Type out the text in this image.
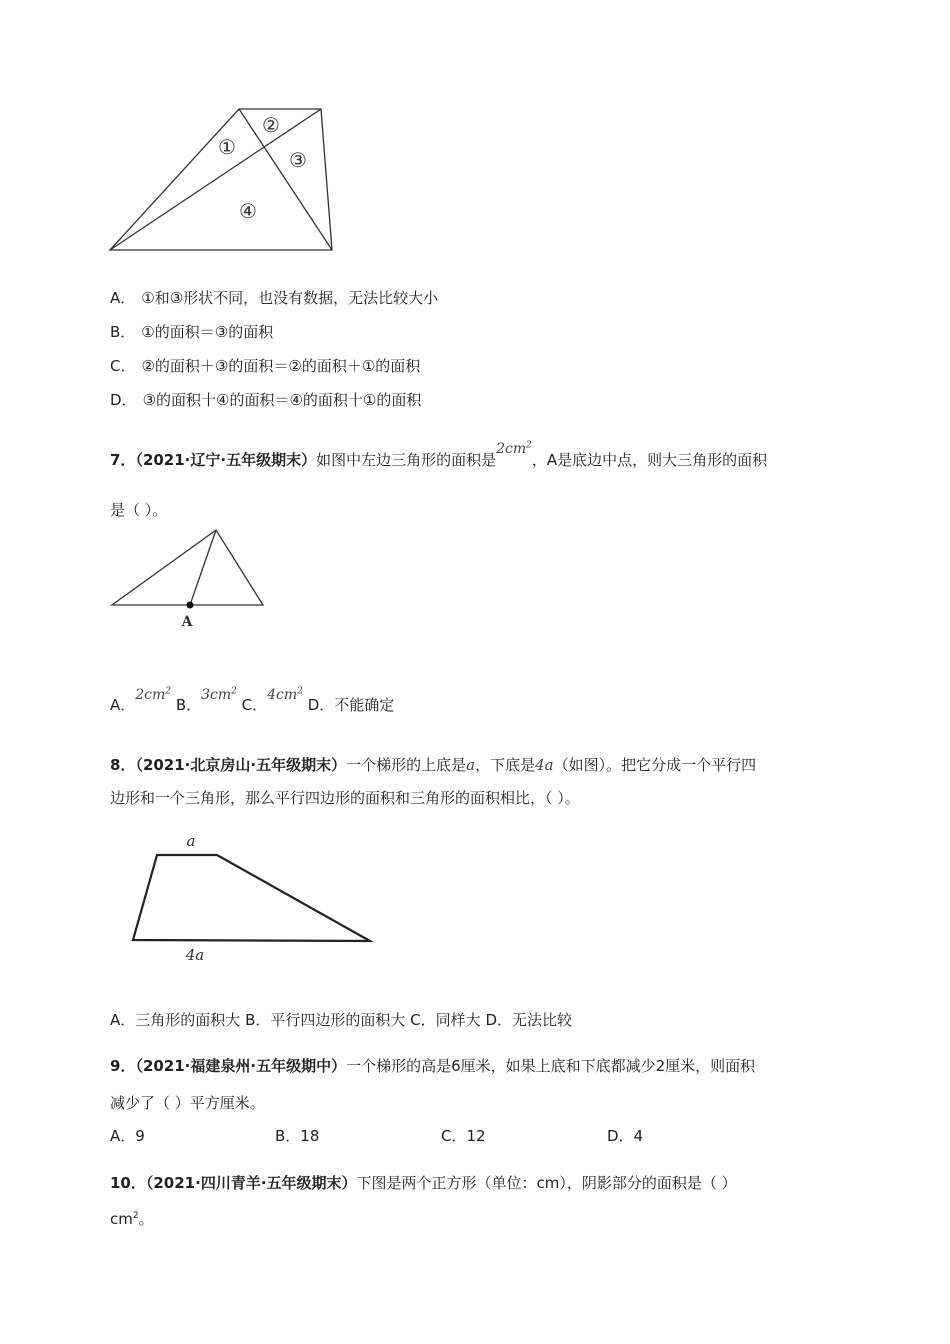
①
②
③
④
A． ①和③形状不同，也没有数据，无法比较大小
B． ①的面积＝③的面积
C． ②的面积＋③的面积＝②的面积＋①的面积
D． ③的面积十④的面积＝④的面积十①的面积
7．（2021·辽宁·五年级期末）如图中左边三角形的面积是$2cm^2$，A是底边中点，则大三角形的面积
是（ ）。
A
A．$2cm^2$ B．$3cm^2$ C．$4cm^2$ D．不能确定
8．（2021·北京房山·五年级期末）一个梯形的上底是a，下底是4a（如图）。把它分成一个平行四
边形和一个三角形，那么平行四边形的面积和三角形的面积相比，（ ）。
a
4a
A．三角形的面积大 B．平行四边形的面积大 C．同样大 D．无法比较
9．（2021·福建泉州·五年级期中）一个梯形的高是6厘米，如果上底和下底都减少2厘米，则面积
减少了（ ）平方厘米。
A．9	B．18	C．12	D．4
10．（2021·四川青羊·五年级期末）下图是两个正方形（单位：cm），阴影部分的面积是（ ）
$cm^2$。
